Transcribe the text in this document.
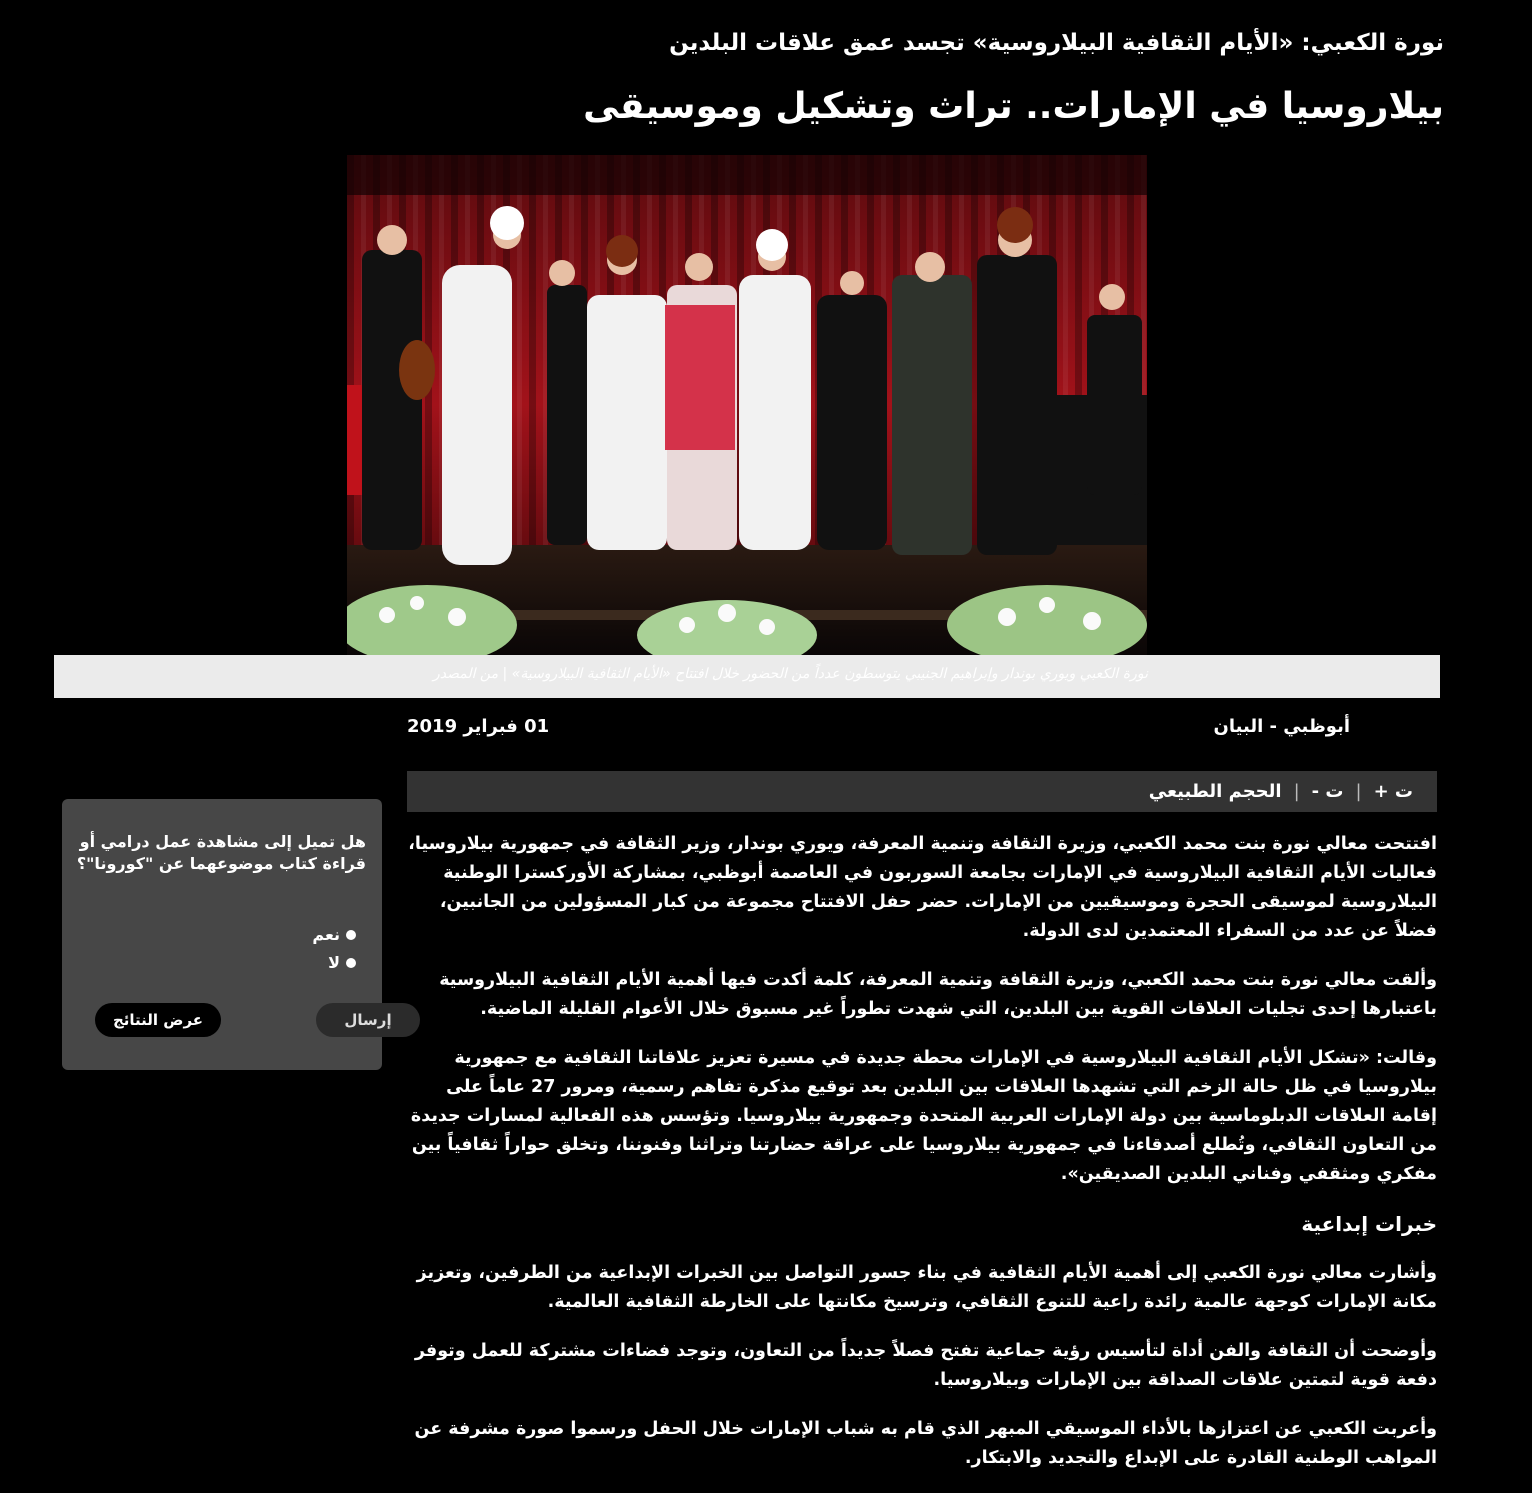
نورة الكعبي: «الأيام الثقافية البيلاروسية» تجسد عمق علاقات البلدين
بيلاروسيا في الإمارات.. تراث وتشكيل وموسيقى
نورة الكعبي ويوري بوندار وإبراهيم الجنيبي يتوسطون عدداً من الحضور خلال افتتاح «الأيام الثقافية البيلاروسية» | من المصدر
أبوظبي - البيان
01 فبراير 2019
ت +
|
ت -
|
الحجم الطبيعي

افتتحت معالي نورة بنت محمد الكعبي، وزيرة الثقافة وتنمية المعرفة، ويوري بوندار، وزير الثقافة في جمهورية بيلاروسيا، فعاليات الأيام الثقافية البيلاروسية في الإمارات بجامعة السوربون في العاصمة أبوظبي، بمشاركة الأوركسترا الوطنية البيلاروسية لموسيقى الحجرة وموسيقيين من الإمارات. حضر حفل الافتتاح مجموعة من كبار المسؤولين من الجانبين، فضلاً عن عدد من السفراء المعتمدين لدى الدولة.

وألقت معالي نورة بنت محمد الكعبي، وزيرة الثقافة وتنمية المعرفة، كلمة أكدت فيها أهمية الأيام الثقافية البيلاروسية باعتبارها إحدى تجليات العلاقات القوية بين البلدين، التي شهدت تطوراً غير مسبوق خلال الأعوام القليلة الماضية.

وقالت: «تشكل الأيام الثقافية البيلاروسية في الإمارات محطة جديدة في مسيرة تعزيز علاقاتنا الثقافية مع جمهورية بيلاروسيا في ظل حالة الزخم التي تشهدها العلاقات بين البلدين بعد توقيع مذكرة تفاهم رسمية، ومرور 27 عاماً على إقامة العلاقات الدبلوماسية بين دولة الإمارات العربية المتحدة وجمهورية بيلاروسيا. وتؤسس هذه الفعالية لمسارات جديدة من التعاون الثقافي، وتُطلع أصدقاءنا في جمهورية بيلاروسيا على عراقة حضارتنا وتراثنا وفنوننا، وتخلق حواراً ثقافياً بين مفكري ومثقفي وفناني البلدين الصديقين».

خبرات إبداعية

وأشارت معالي نورة الكعبي إلى أهمية الأيام الثقافية في بناء جسور التواصل بين الخبرات الإبداعية من الطرفين، وتعزيز مكانة الإمارات كوجهة عالمية رائدة راعية للتنوع الثقافي، وترسيخ مكانتها على الخارطة الثقافية العالمية.

وأوضحت أن الثقافة والفن أداة لتأسيس رؤية جماعية تفتح فصلاً جديداً من التعاون، وتوجد فضاءات مشتركة للعمل وتوفر دفعة قوية لتمتين علاقات الصداقة بين الإمارات وبيلاروسيا.

وأعربت الكعبي عن اعتزازها بالأداء الموسيقي المبهر الذي قام به شباب الإمارات خلال الحفل ورسموا صورة مشرفة عن المواهب الوطنية القادرة على الإبداع والتجديد والابتكار.

هل تميل إلى مشاهدة عمل درامي أو قراءة كتاب موضوعهما عن "كورونا"؟

نعم
لا
إرسال
عرض النتائج
